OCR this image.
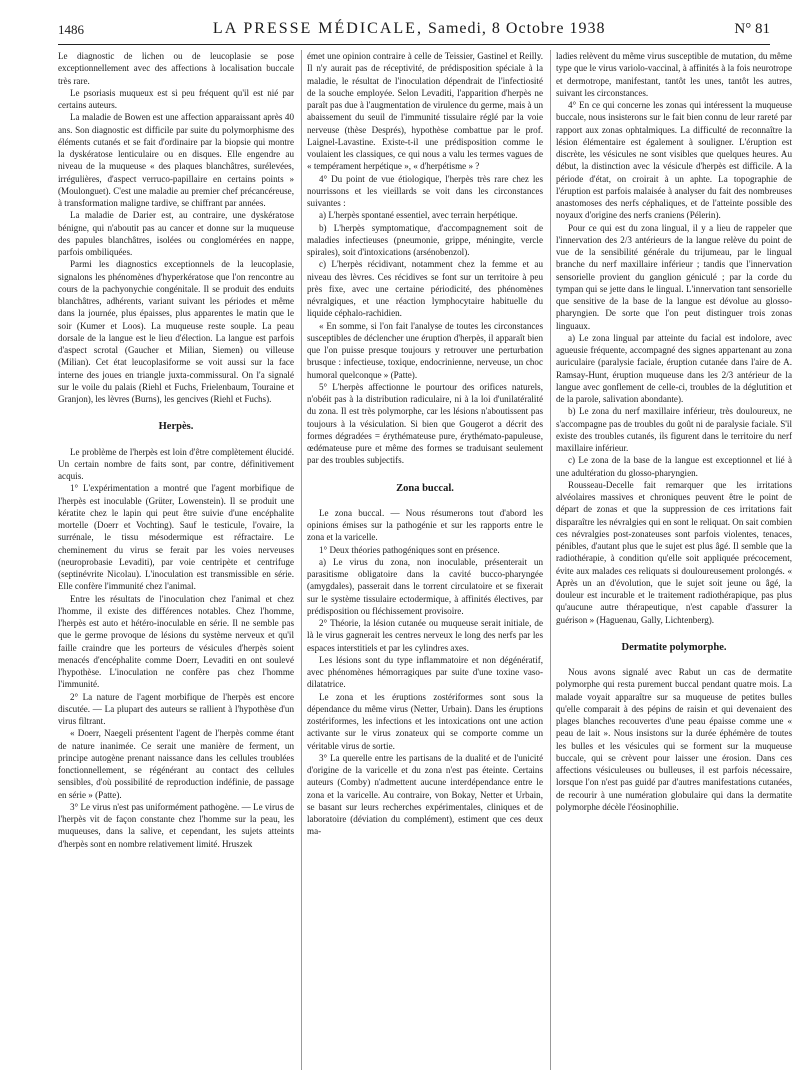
1486	LA PRESSE MÉDICALE, Samedi, 8 Octobre 1938	N° 81

Le diagnostic de lichen ou de leucoplasie se pose exceptionnellement avec des affections à localisation buccale très rare.

Le psoriasis muqueux est si peu fréquent qu'il est nié par certains auteurs.

La maladie de Bowen est une affection apparaissant après 40 ans. Son diagnostic est difficile par suite du polymorphisme des éléments cutanés et se fait d'ordinaire par la biopsie qui montre la dyskératose lenticulaire ou en disques. Elle engendre au niveau de la muqueuse « des plaques blanchâtres, surélevées, irrégulières, d'aspect verruco-papillaire en certains points » (Moulonguet). C'est une maladie au premier chef précancéreuse, à transformation maligne tardive, se chiffrant par années.

La maladie de Darier est, au contraire, une dyskératose bénigne, qui n'aboutit pas au cancer et donne sur la muqueuse des papules blanchâtres, isolées ou conglomérées en nappe, parfois ombiliquées.

Parmi les diagnostics exceptionnels de la leucoplasie, signalons les phénomènes d'hyperkératose que l'on rencontre au cours de la pachyonychie congénitale. Il se produit des enduits blanchâtres, adhérents, variant suivant les périodes et même dans la journée, plus épaisses, plus apparentes le matin que le soir (Kumer et Loos). La muqueuse reste souple. La peau dorsale de la langue est le lieu d'élection. La langue est parfois d'aspect scrotal (Gaucher et Milian, Siemen) ou villeuse (Milian). Cet état leucoplasiforme se voit aussi sur la face interne des joues en triangle juxta-commissural. On l'a signalé sur le voile du palais (Riehl et Fuchs, Frielenbaum, Touraine et Granjon), les lèvres (Burns), les gencives (Riehl et Fuchs).

Herpès.

Le problème de l'herpès est loin d'être complètement élucidé. Un certain nombre de faits sont, par contre, définitivement acquis.

1° L'expérimentation a montré que l'agent morbifique de l'herpès est inoculable (Grüter, Lowenstein). Il se produit une kératite chez le lapin qui peut être suivie d'une encéphalite mortelle (Doerr et Vochting). Sauf le testicule, l'ovaire, la surrénale, le tissu mésodermique est réfractaire. Le cheminement du virus se ferait par les voies nerveuses (neuroprobasie Levaditi), par voie centripète et centrifuge (septinévrite Nicolau). L'inoculation est transmissible en série. Elle confère l'immunité chez l'animal.

Entre les résultats de l'inoculation chez l'animal et chez l'homme, il existe des différences notables. Chez l'homme, l'herpès est auto et hétéro-inoculable en série. Il ne semble pas que le germe provoque de lésions du système nerveux et qu'il faille craindre que les porteurs de vésicules d'herpès soient menacés d'encéphalite comme Doerr, Levaditi en ont soulevé l'hypothèse. L'inoculation ne confère pas chez l'homme l'immunité.

2° La nature de l'agent morbifique de l'herpès est encore discutée. — La plupart des auteurs se rallient à l'hypothèse d'un virus filtrant.

« Doerr, Naegeli présentent l'agent de l'herpès comme étant de nature inanimée. Ce serait une manière de ferment, un principe autogène prenant naissance dans les cellules troublées fonctionnellement, se régénérant au contact des cellules sensibles, d'où possibilité de reproduction indéfinie, de passage en série » (Patte).

3° Le virus n'est pas uniformément pathogène. — Le virus de l'herpès vit de façon constante chez l'homme sur la peau, les muqueuses, dans la salive, et cependant, les sujets atteints d'herpès sont en nombre relativement limité. Hruszek

émet une opinion contraire à celle de Teissier, Gastinel et Reilly. Il n'y aurait pas de réceptivité, de prédisposition spéciale à la maladie, le résultat de l'inoculation dépendrait de l'infectiosité de la souche employée. Selon Levaditi, l'apparition d'herpès ne paraît pas due à l'augmentation de virulence du germe, mais à un abaissement du seuil de l'immunité tissulaire réglé par la voie nerveuse (thèse Després), hypothèse combattue par le prof. Laignel-Lavastine. Existe-t-il une prédisposition comme le voulaient les classiques, ce qui nous a valu les termes vagues de « tempérament herpétique », « d'herpétisme » ?

4° Du point de vue étiologique, l'herpès très rare chez les nourrissons et les vieillards se voit dans les circonstances suivantes :

a) L'herpès spontané essentiel, avec terrain herpétique.

b) L'herpès symptomatique, d'accompagnement soit de maladies infectieuses (pneumonie, grippe, méningite, vercle spirales), soit d'intoxications (arsénobenzol).

c) L'herpès récidivant, notamment chez la femme et au niveau des lèvres. Ces récidives se font sur un territoire à peu près fixe, avec une certaine périodicité, des phénomènes névralgiques, et une réaction lymphocytaire habituelle du liquide céphalo-rachidien.

« En somme, si l'on fait l'analyse de toutes les circonstances susceptibles de déclencher une éruption d'herpès, il apparaît bien que l'on puisse presque toujours y retrouver une perturbation brusque : infectieuse, toxique, endocrinienne, nerveuse, un choc humoral quelconque » (Patte).

5° L'herpès affectionne le pourtour des orifices naturels, n'obéit pas à la distribution radiculaire, ni à la loi d'unilatéralité du zona. Il est très polymorphe, car les lésions n'aboutissent pas toujours à la vésiculation. Si bien que Gougerot a décrit des formes dégradées = érythémateuse pure, érythémato-papuleuse, œdémateuse pure et même des formes se traduisant seulement par des troubles subjectifs.

Zona buccal.

Le zona buccal. — Nous résumerons tout d'abord les opinions émises sur la pathogénie et sur les rapports entre le zona et la varicelle.

1° Deux théories pathogéniques sont en présence.

a) Le virus du zona, non inoculable, présenterait un parasitisme obligatoire dans la cavité bucco-pharyngée (amygdales), passerait dans le torrent circulatoire et se fixerait sur le système tissulaire ectodermique, à affinités électives, par prédisposition ou fléchissement provisoire.

2° Théorie, la lésion cutanée ou muqueuse serait initiale, de là le virus gagnerait les centres nerveux le long des nerfs par les espaces interstitiels et par les cylindres axes.

Les lésions sont du type inflammatoire et non dégénératif, avec phénomènes hémorragiques par suite d'une toxine vaso-dilatatrice.

Le zona et les éruptions zostériformes sont sous la dépendance du même virus (Netter, Urbain). Dans les éruptions zostériformes, les infections et les intoxications ont une action activante sur le virus zonateux qui se comporte comme un véritable virus de sortie.

3° La querelle entre les partisans de la dualité et de l'unicité d'origine de la varicelle et du zona n'est pas éteinte. Certains auteurs (Comby) n'admettent aucune interdépendance entre le zona et la varicelle. Au contraire, von Bokay, Netter et Urbain, se basant sur leurs recherches expérimentales, cliniques et de laboratoire (déviation du complément), estiment que ces deux ma-

ladies relèvent du même virus susceptible de mutation, du même type que le virus variolo-vaccinal, à affinités à la fois neurotrope et dermotrope, manifestant, tantôt les unes, tantôt les autres, suivant les circonstances.

4° En ce qui concerne les zonas qui intéressent la muqueuse buccale, nous insisterons sur le fait bien connu de leur rareté par rapport aux zonas ophtalmiques. La difficulté de reconnaître la lésion élémentaire est également à souligner. L'éruption est discrète, les vésicules ne sont visibles que quelques heures. Au début, la distinction avec la vésicule d'herpès est difficile. A la période d'état, on croirait à un aphte. La topographie de l'éruption est parfois malaisée à analyser du fait des nombreuses anastomoses des nerfs céphaliques, et de l'atteinte possible des noyaux d'origine des nerfs craniens (Pélerin).

Pour ce qui est du zona lingual, il y a lieu de rappeler que l'innervation des 2/3 antérieurs de la langue relève du point de vue de la sensibilité générale du trijumeau, par le lingual branche du nerf maxillaire inférieur ; tandis que l'innervation sensorielle provient du ganglion géniculé ; par la corde du tympan qui se jette dans le lingual. L'innervation tant sensorielle que sensitive de la base de la langue est dévolue au glosso-pharyngien. De sorte que l'on peut distinguer trois zonas linguaux.

a) Le zona lingual par atteinte du facial est indolore, avec agueusie fréquente, accompagné des signes appartenant au zona auriculaire (paralysie faciale, éruption cutanée dans l'aire de A. Ramsay-Hunt, éruption muqueuse dans les 2/3 antérieur de la langue avec gonflement de celle-ci, troubles de la déglutition et de la parole, salivation abondante).

b) Le zona du nerf maxillaire inférieur, très douloureux, ne s'accompagne pas de troubles du goût ni de paralysie faciale. S'il existe des troubles cutanés, ils figurent dans le territoire du nerf maxillaire inférieur.

c) Le zona de la base de la langue est exceptionnel et lié à une adultération du glosso-pharyngien.

Rousseau-Decelle fait remarquer que les irritations alvéolaires massives et chroniques peuvent être le point de départ de zonas et que la suppression de ces irritations fait disparaître les névralgies qui en sont le reliquat. On sait combien ces névralgies post-zonateuses sont parfois violentes, tenaces, pénibles, d'autant plus que le sujet est plus âgé. Il semble que la radiothérapie, à condition qu'elle soit appliquée précocement, évite aux malades ces reliquats si douloureusement prolongés. « Après un an d'évolution, que le sujet soit jeune ou âgé, la douleur est incurable et le traitement radiothérapique, pas plus qu'aucune autre thérapeutique, n'est capable d'assurer la guérison » (Haguenau, Gally, Lichtenberg).

Dermatite polymorphe.

Nous avons signalé avec Rabut un cas de dermatite polymorphe qui resta purement buccal pendant quatre mois. La malade voyait apparaître sur sa muqueuse de petites bulles qu'elle comparait à des pépins de raisin et qui devenaient des plages blanches recouvertes d'une peau épaisse comme une « peau de lait ». Nous insistons sur la durée éphémère de toutes les bulles et les vésicules qui se forment sur la muqueuse buccale, qui se crèvent pour laisser une érosion. Dans ces affections vésiculeuses ou bulleuses, il est parfois nécessaire, lorsque l'on n'est pas guidé par d'autres manifestations cutanées, de recourir à une numération globulaire qui dans la dermatite polymorphe décèle l'éosinophilie.
